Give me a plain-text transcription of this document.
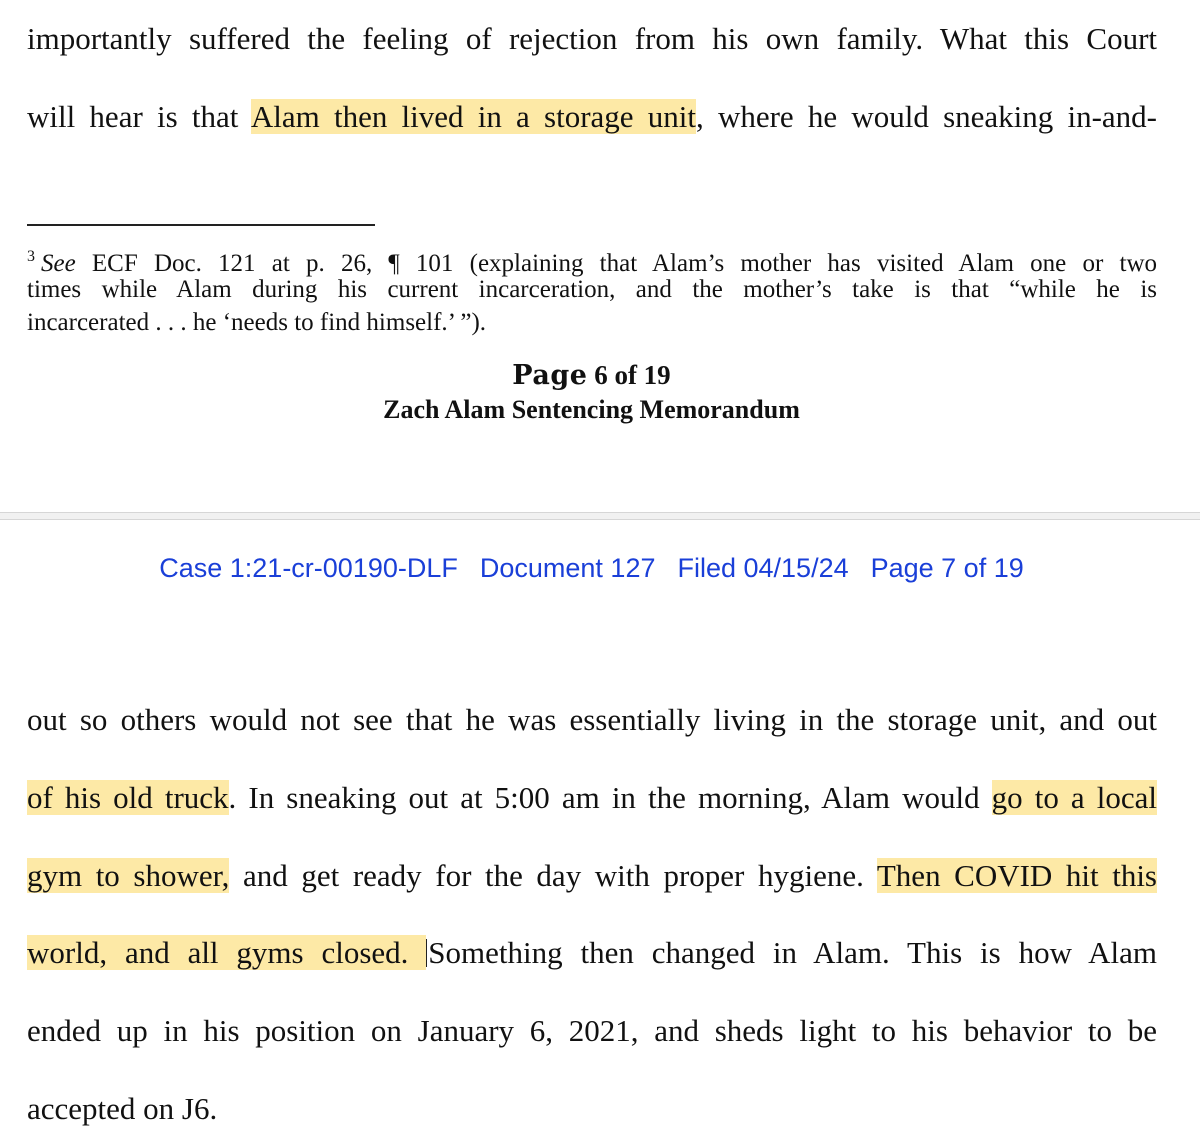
importantly suffered the feeling of rejection from his own family. What this Court
will hear is that Alam then lived in a storage unit, where he would sneaking in-and-
$^3$ See ECF Doc. 121 at p. 26, ¶ 101 (explaining that Alam’s mother has visited Alam one or two
times while Alam during his current incarceration, and the mother’s take is that “while he is
incarcerated . . . he ‘needs to find himself.’ ”).
Page 6 of 19
Zach Alam Sentencing Memorandum
Case 1:21-cr-00190-DLF Document 127 Filed 04/15/24 Page 7 of 19
out so others would not see that he was essentially living in the storage unit, and out
of his old truck. In sneaking out at 5:00 am in the morning, Alam would go to a local
gym to shower, and get ready for the day with proper hygiene. Then COVID hit this
world, and all gyms closed. Something then changed in Alam. This is how Alam
ended up in his position on January 6, 2021, and sheds light to his behavior to be
accepted on J6.
